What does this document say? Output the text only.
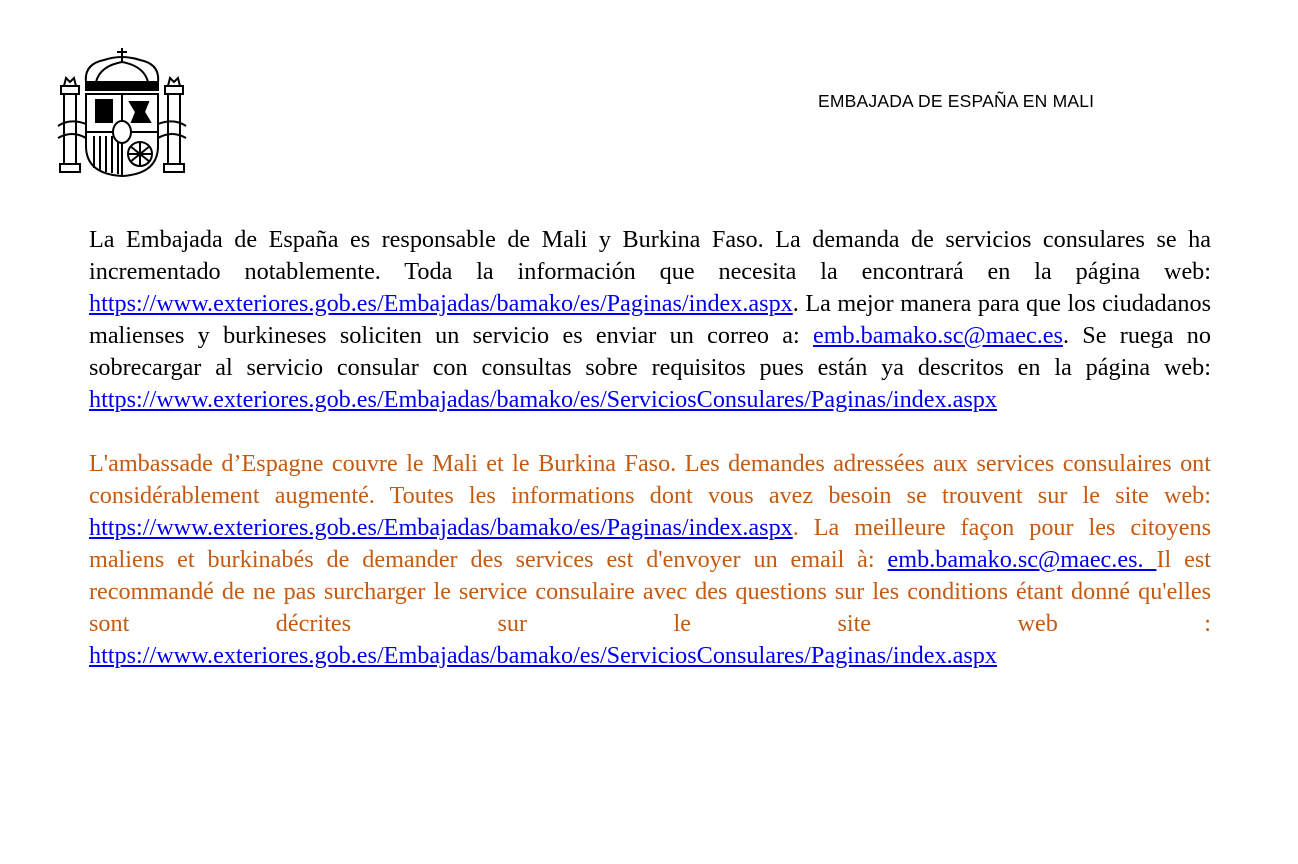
EMBAJADA DE ESPAÑA EN MALI

La Embajada de España es responsable de Mali y Burkina Faso. La demanda de servicios consulares se ha incrementado notablemente. Toda la información que necesita la encontrará en la página web: https://www.exteriores.gob.es/Embajadas/bamako/es/Paginas/index.aspx. La mejor manera para que los ciudadanos malienses y burkineses soliciten un servicio es enviar un correo a: emb.bamako.sc@maec.es. Se ruega no sobrecargar al servicio consular con consultas sobre requisitos pues están ya descritos en la página web: https://www.exteriores.gob.es/Embajadas/bamako/es/ServiciosConsulares/Paginas/index.aspx

L'ambassade d’Espagne couvre le Mali et le Burkina Faso. Les demandes adressées aux services consulaires ont considérablement augmenté. Toutes les informations dont vous avez besoin se trouvent sur le site web: https://www.exteriores.gob.es/Embajadas/bamako/es/Paginas/index.aspx. La meilleure façon pour les citoyens maliens et burkinabés de demander des services est d'envoyer un email à: emb.bamako.sc@maec.es. Il est recommandé de ne pas surcharger le service consulaire avec des questions sur les conditions étant donné qu'elles sont décrites sur le site web : https://www.exteriores.gob.es/Embajadas/bamako/es/ServiciosConsulares/Paginas/index.aspx
